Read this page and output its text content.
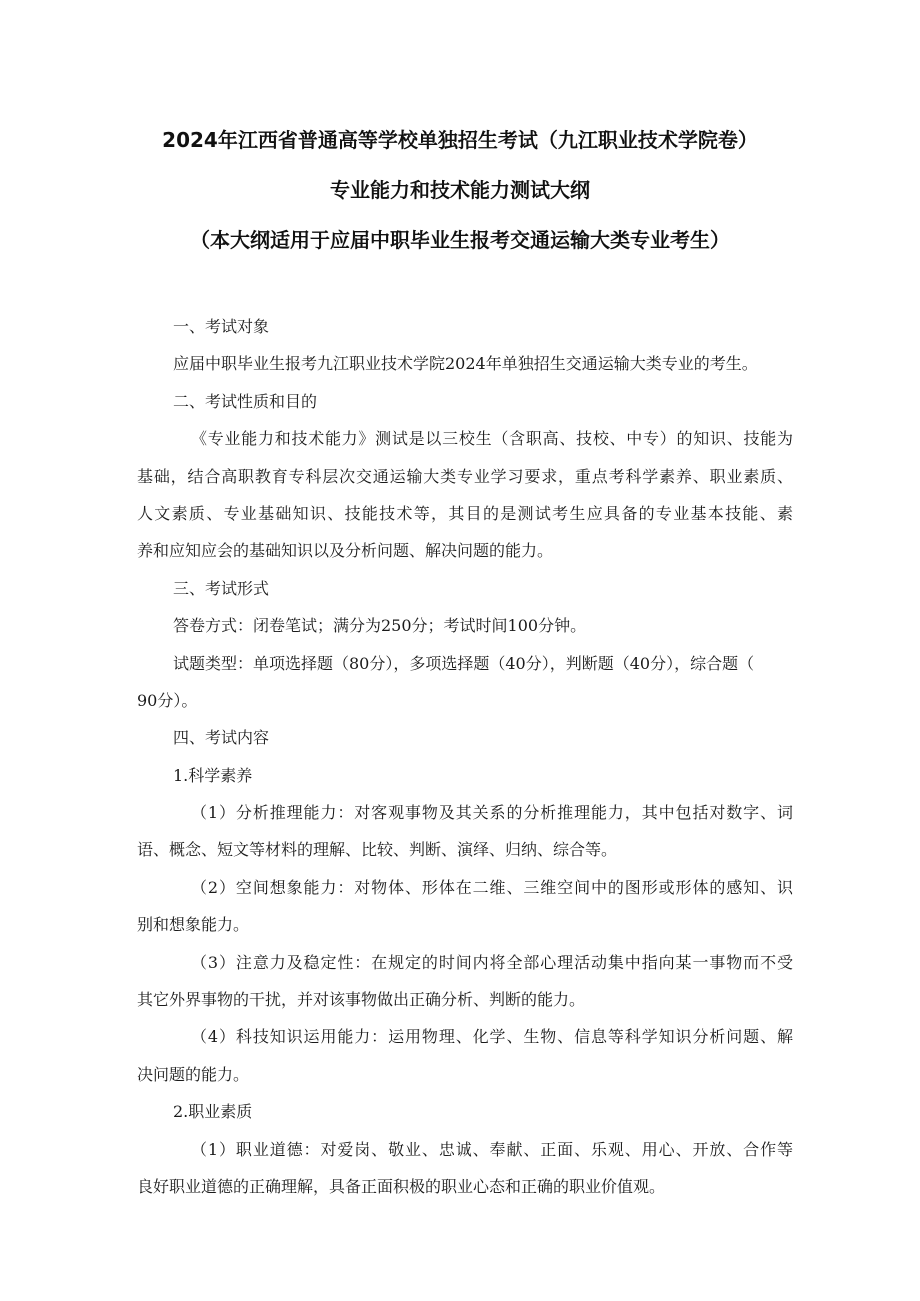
2024年江西省普通高等学校单独招生考试（九江职业技术学院卷）
专业能力和技术能力测试大纲
（本大纲适用于应届中职毕业生报考交通运输大类专业考生）
一、考试对象
应届中职毕业生报考九江职业技术学院2024年单独招生交通运输大类专业的考生。
二、考试性质和目的
《专业能力和技术能力》测试是以三校生（含职高、技校、中专）的知识、技能为
基础，结合高职教育专科层次交通运输大类专业学习要求，重点考科学素养、职业素质、
人文素质、专业基础知识、技能技术等，其目的是测试考生应具备的专业基本技能、素
养和应知应会的基础知识以及分析问题、解决问题的能力。
三、考试形式
答卷方式：闭卷笔试；满分为250分；考试时间100分钟。
试题类型：单项选择题（80分），多项选择题（40分），判断题（40分），综合题（
90分）。
四、考试内容
1.科学素养
（1）分析推理能力：对客观事物及其关系的分析推理能力，其中包括对数字、词
语、概念、短文等材料的理解、比较、判断、演绎、归纳、综合等。
（2）空间想象能力：对物体、形体在二维、三维空间中的图形或形体的感知、识
别和想象能力。
（3）注意力及稳定性：在规定的时间内将全部心理活动集中指向某一事物而不受
其它外界事物的干扰，并对该事物做出正确分析、判断的能力。
（4）科技知识运用能力：运用物理、化学、生物、信息等科学知识分析问题、解
决问题的能力。
2.职业素质
（1）职业道德：对爱岗、敬业、忠诚、奉献、正面、乐观、用心、开放、合作等
良好职业道德的正确理解，具备正面积极的职业心态和正确的职业价值观。
